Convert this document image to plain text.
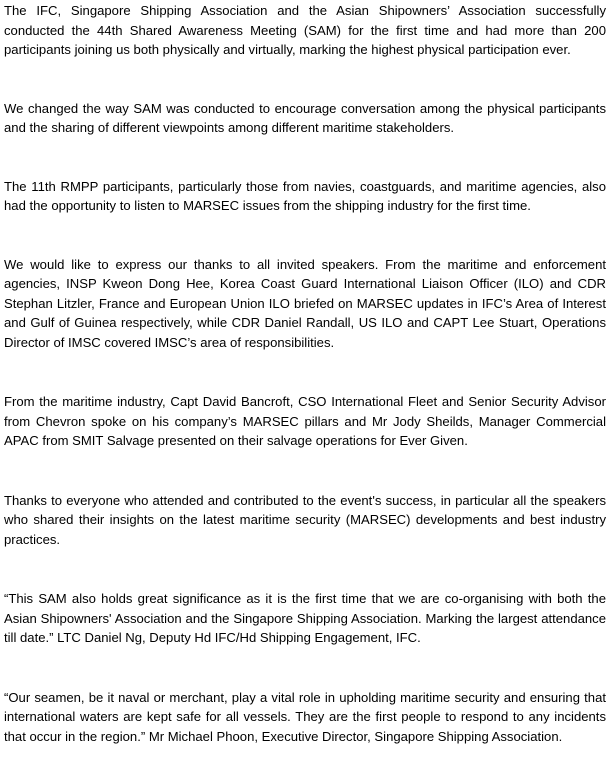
The IFC, Singapore Shipping Association and the Asian Shipowners’ Association successfully conducted the 44th Shared Awareness Meeting (SAM) for the first time and had more than 200 participants joining us both physically and virtually, marking the highest physical participation ever.

We changed the way SAM was conducted to encourage conversation among the physical participants and the sharing of different viewpoints among different maritime stakeholders.

The 11th RMPP participants, particularly those from navies, coastguards, and maritime agencies, also had the opportunity to listen to MARSEC issues from the shipping industry for the first time.

We would like to express our thanks to all invited speakers. From the maritime and enforcement agencies, INSP Kweon Dong Hee, Korea Coast Guard International Liaison Officer (ILO) and CDR Stephan Litzler, France and European Union ILO briefed on MARSEC updates in IFC’s Area of Interest and Gulf of Guinea respectively, while CDR Daniel Randall, US ILO and CAPT Lee Stuart, Operations Director of IMSC covered IMSC’s area of responsibilities.

From the maritime industry, Capt David Bancroft, CSO International Fleet and Senior Security Advisor from Chevron spoke on his company’s MARSEC pillars and Mr Jody Sheilds, Manager Commercial APAC from SMIT Salvage presented on their salvage operations for Ever Given.

Thanks to everyone who attended and contributed to the event's success, in particular all the speakers who shared their insights on the latest maritime security (MARSEC) developments and best industry practices.

“This SAM also holds great significance as it is the first time that we are co-organising with both the Asian Shipowners' Association and the Singapore Shipping Association. Marking the largest attendance till date.” LTC Daniel Ng, Deputy Hd IFC/Hd Shipping Engagement, IFC.

“Our seamen, be it naval or merchant, play a vital role in upholding maritime security and ensuring that international waters are kept safe for all vessels. They are the first people to respond to any incidents that occur in the region.” Mr Michael Phoon, Executive Director, Singapore Shipping Association.
